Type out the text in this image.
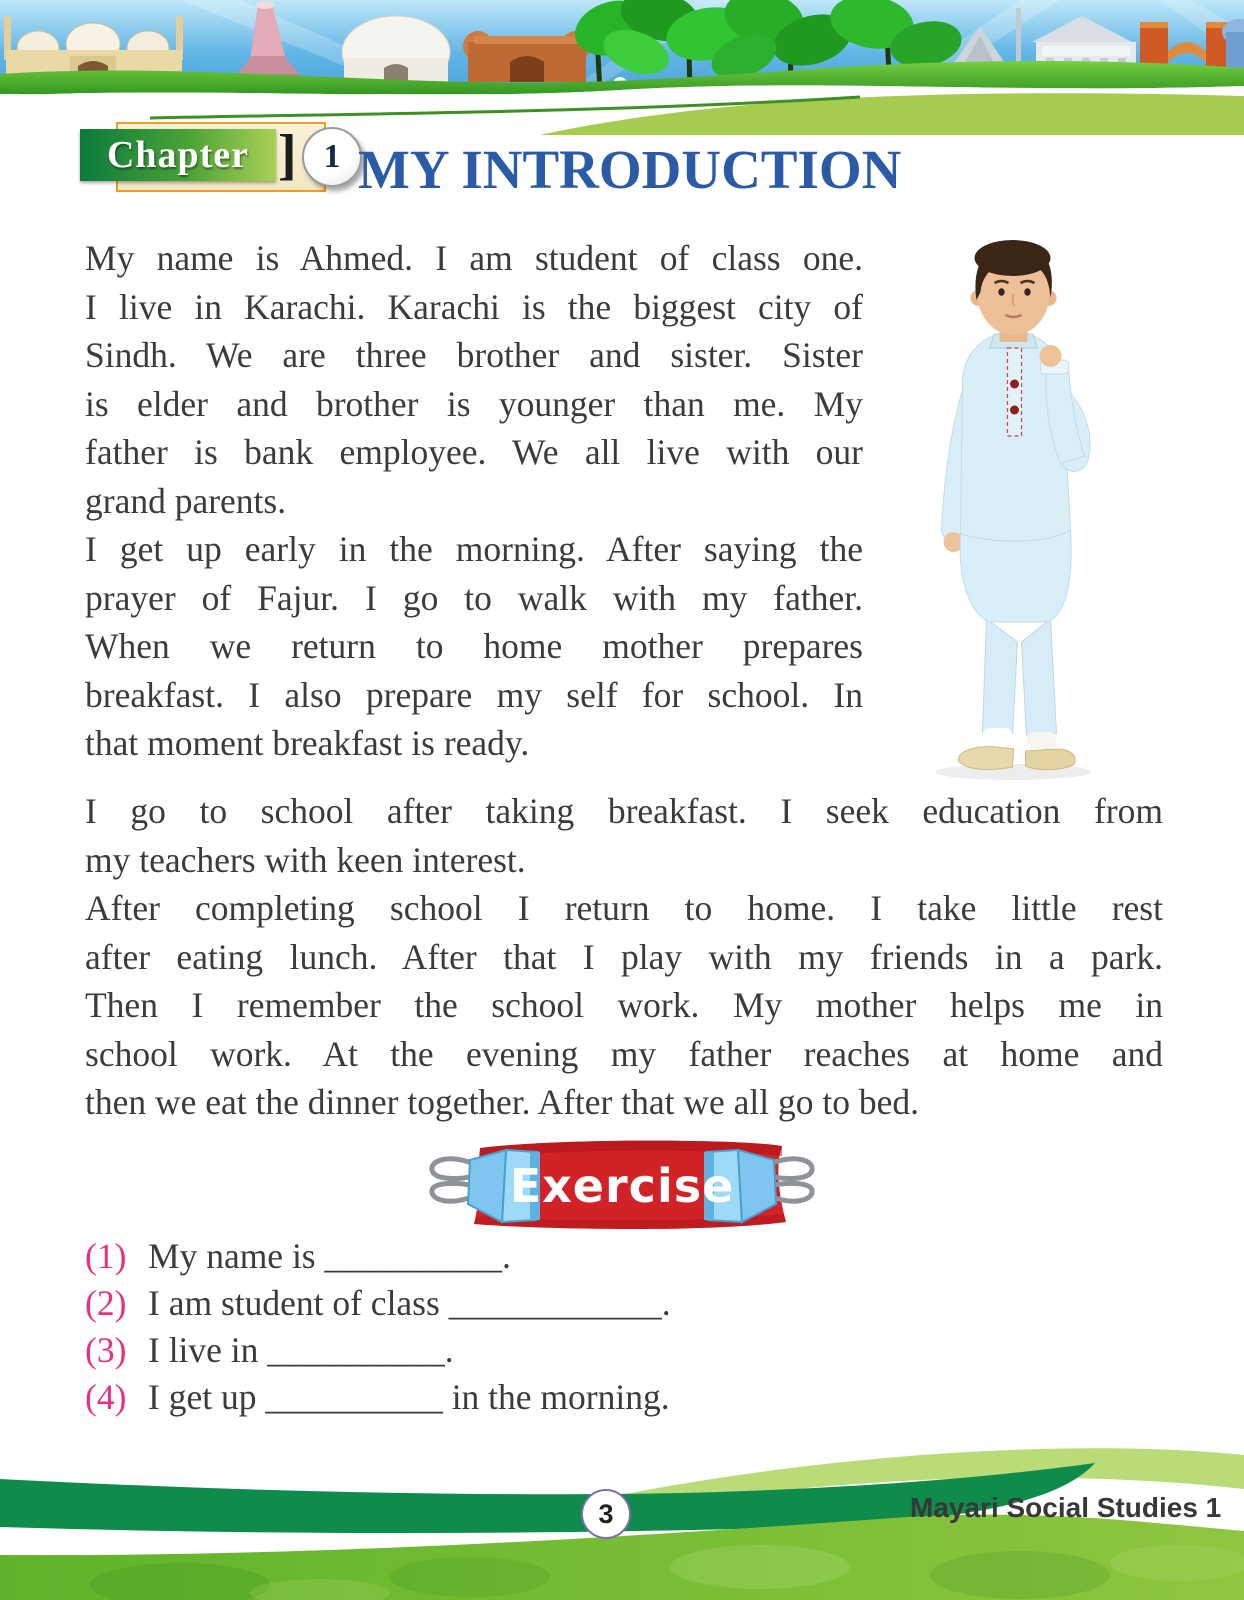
Chapter ] 1 MY INTRODUCTION
My name is Ahmed. I am student of class one.
I live in Karachi. Karachi is the biggest city of
Sindh. We are three brother and sister. Sister
is elder and brother is younger than me. My
father is bank employee. We all live with our
grand parents.
I get up early in the morning. After saying the
prayer of Fajur. I go to walk with my father.
When we return to home mother prepares
breakfast. I also prepare my self for school. In
that moment breakfast is ready.
I go to school after taking breakfast. I seek education from
my teachers with keen interest.
After completing school I return to home. I take little rest
after eating lunch. After that I play with my friends in a park.
Then I remember the school work. My mother helps me in
school work. At the evening my father reaches at home and
then we eat the dinner together. After that we all go to bed.
Exercise
(1) My name is __________.
(2) I am student of class ____________.
(3) I live in __________.
(4) I get up __________ in the morning.
3	Mayari Social Studies 1
